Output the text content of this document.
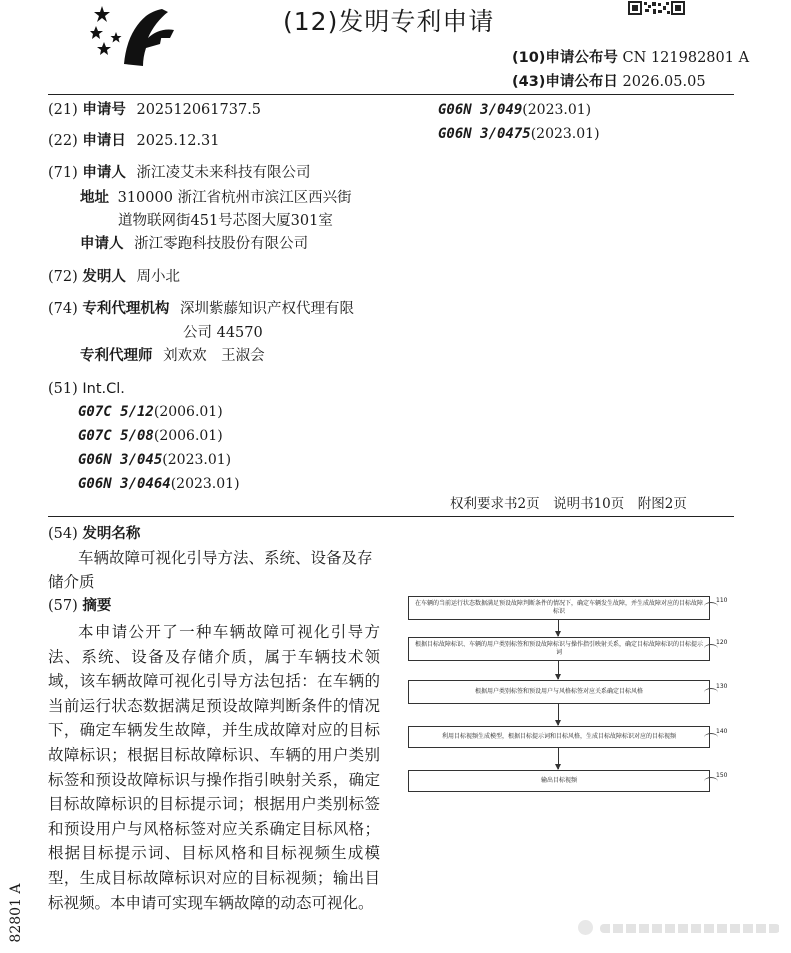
(12)发明专利申请
(10)申请公布号 CN 121982801 A
(43)申请公布日 2026.05.05
(21) 申请号 202512061737.5
(22) 申请日 2025.12.31
(71) 申请人 浙江凌艾未来科技有限公司
地址 310000 浙江省杭州市滨江区西兴街
道物联网街451号芯图大厦301室
申请人 浙江零跑科技股份有限公司
(72) 发明人 周小北
(74) 专利代理机构 深圳紫藤知识产权代理有限
公司 44570
专利代理师 刘欢欢　王淑会
(51) Int.Cl.
G07C 5/12(2006.01)
G07C 5/08(2006.01)
G06N 3/045(2023.01)
G06N 3/0464(2023.01)
G06N 3/049(2023.01)
G06N 3/0475(2023.01)
权利要求书2页　说明书10页　附图2页
(54) 发明名称
车辆故障可视化引导方法、系统、设备及存储介质
(57) 摘要
本申请公开了一种车辆故障可视化引导方法、系统、设备及存储介质，属于车辆技术领域，该车辆故障可视化引导方法包括：在车辆的当前运行状态数据满足预设故障判断条件的情况下，确定车辆发生故障，并生成故障对应的目标故障标识；根据目标故障标识、车辆的用户类别标签和预设故障标识与操作指引映射关系，确定目标故障标识的目标提示词；根据用户类别标签和预设用户与风格标签对应关系确定目标风格；根据目标提示词、目标风格和目标视频生成模型，生成目标故障标识对应的目标视频；输出目标视频。本申请可实现车辆故障的动态可视化。
在车辆的当前运行状态数据满足预设故障判断条件的情况下，确定车辆发生故障，并生成故障对应的目标故障标识
根据目标故障标识、车辆的用户类别标签和预设故障标识与操作指引映射关系，确定目标故障标识的目标提示词
根据用户类别标签和预设用户与风格标签对应关系确定目标风格
利用目标视频生成模型，根据目标提示词和目标风格，生成目标故障标识对应的目标视频
输出目标视频
110
120
130
140
150
82801 A
